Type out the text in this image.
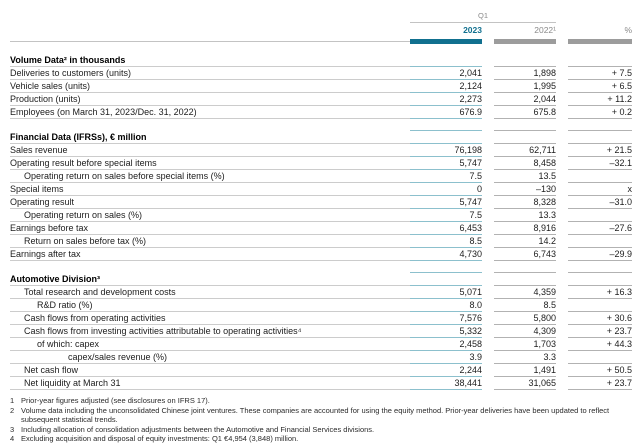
Q1
2023	2022¹	%
Volume Data² in thousands
Deliveries to customers (units)	2,041	1,898	+ 7.5
Vehicle sales (units)	2,124	1,995	+ 6.5
Production (units)	2,273	2,044	+ 11.2
Employees (on March 31, 2023/Dec. 31, 2022)	676.9	675.8	+ 0.2
Financial Data (IFRSs), € million
Sales revenue	76,198	62,711	+ 21.5
Operating result before special items	5,747	8,458	–32.1
Operating return on sales before special items (%)	7.5	13.5
Special items	0	–130	x
Operating result	5,747	8,328	–31.0
Operating return on sales (%)	7.5	13.3
Earnings before tax	6,453	8,916	–27.6
Return on sales before tax (%)	8.5	14.2
Earnings after tax	4,730	6,743	–29.9
Automotive Division³
Total research and development costs	5,071	4,359	+ 16.3
R&D ratio (%)	8.0	8.5
Cash flows from operating activities	7,576	5,800	+ 30.6
Cash flows from investing activities attributable to operating activities⁴	5,332	4,309	+ 23.7
of which: capex	2,458	1,703	+ 44.3
capex/sales revenue (%)	3.9	3.3
Net cash flow	2,244	1,491	+ 50.5
Net liquidity at March 31	38,441	31,065	+ 23.7
1 Prior-year figures adjusted (see disclosures on IFRS 17).
2 Volume data including the unconsolidated Chinese joint ventures. These companies are accounted for using the equity method. Prior-year deliveries have been updated to reflect subsequent statistical trends.
3 Including allocation of consolidation adjustments between the Automotive and Financial Services divisions.
4 Excluding acquisition and disposal of equity investments: Q1 €4,954 (3,848) million.
